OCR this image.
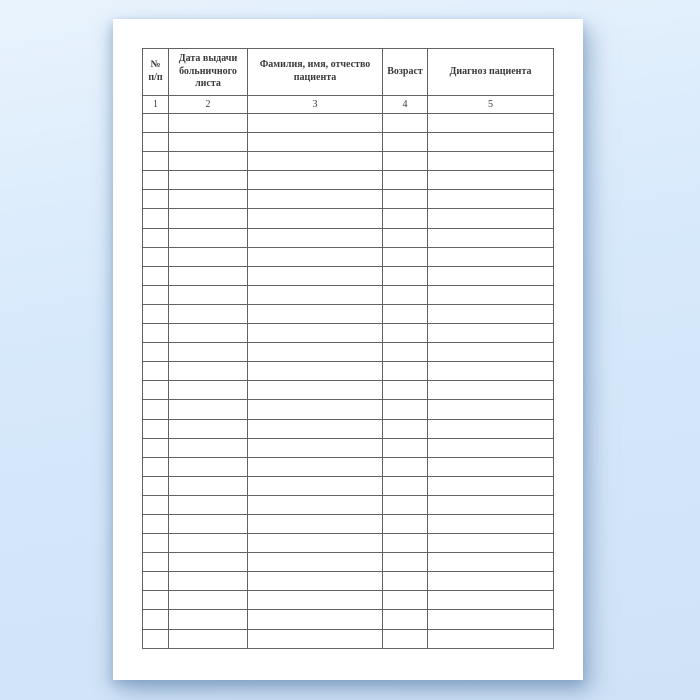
№ п/п	Дата выдачи больничного листа	Фамилия, имя, отчество пациента	Возраст	Диагноз пациента
1	2	3	4	5
